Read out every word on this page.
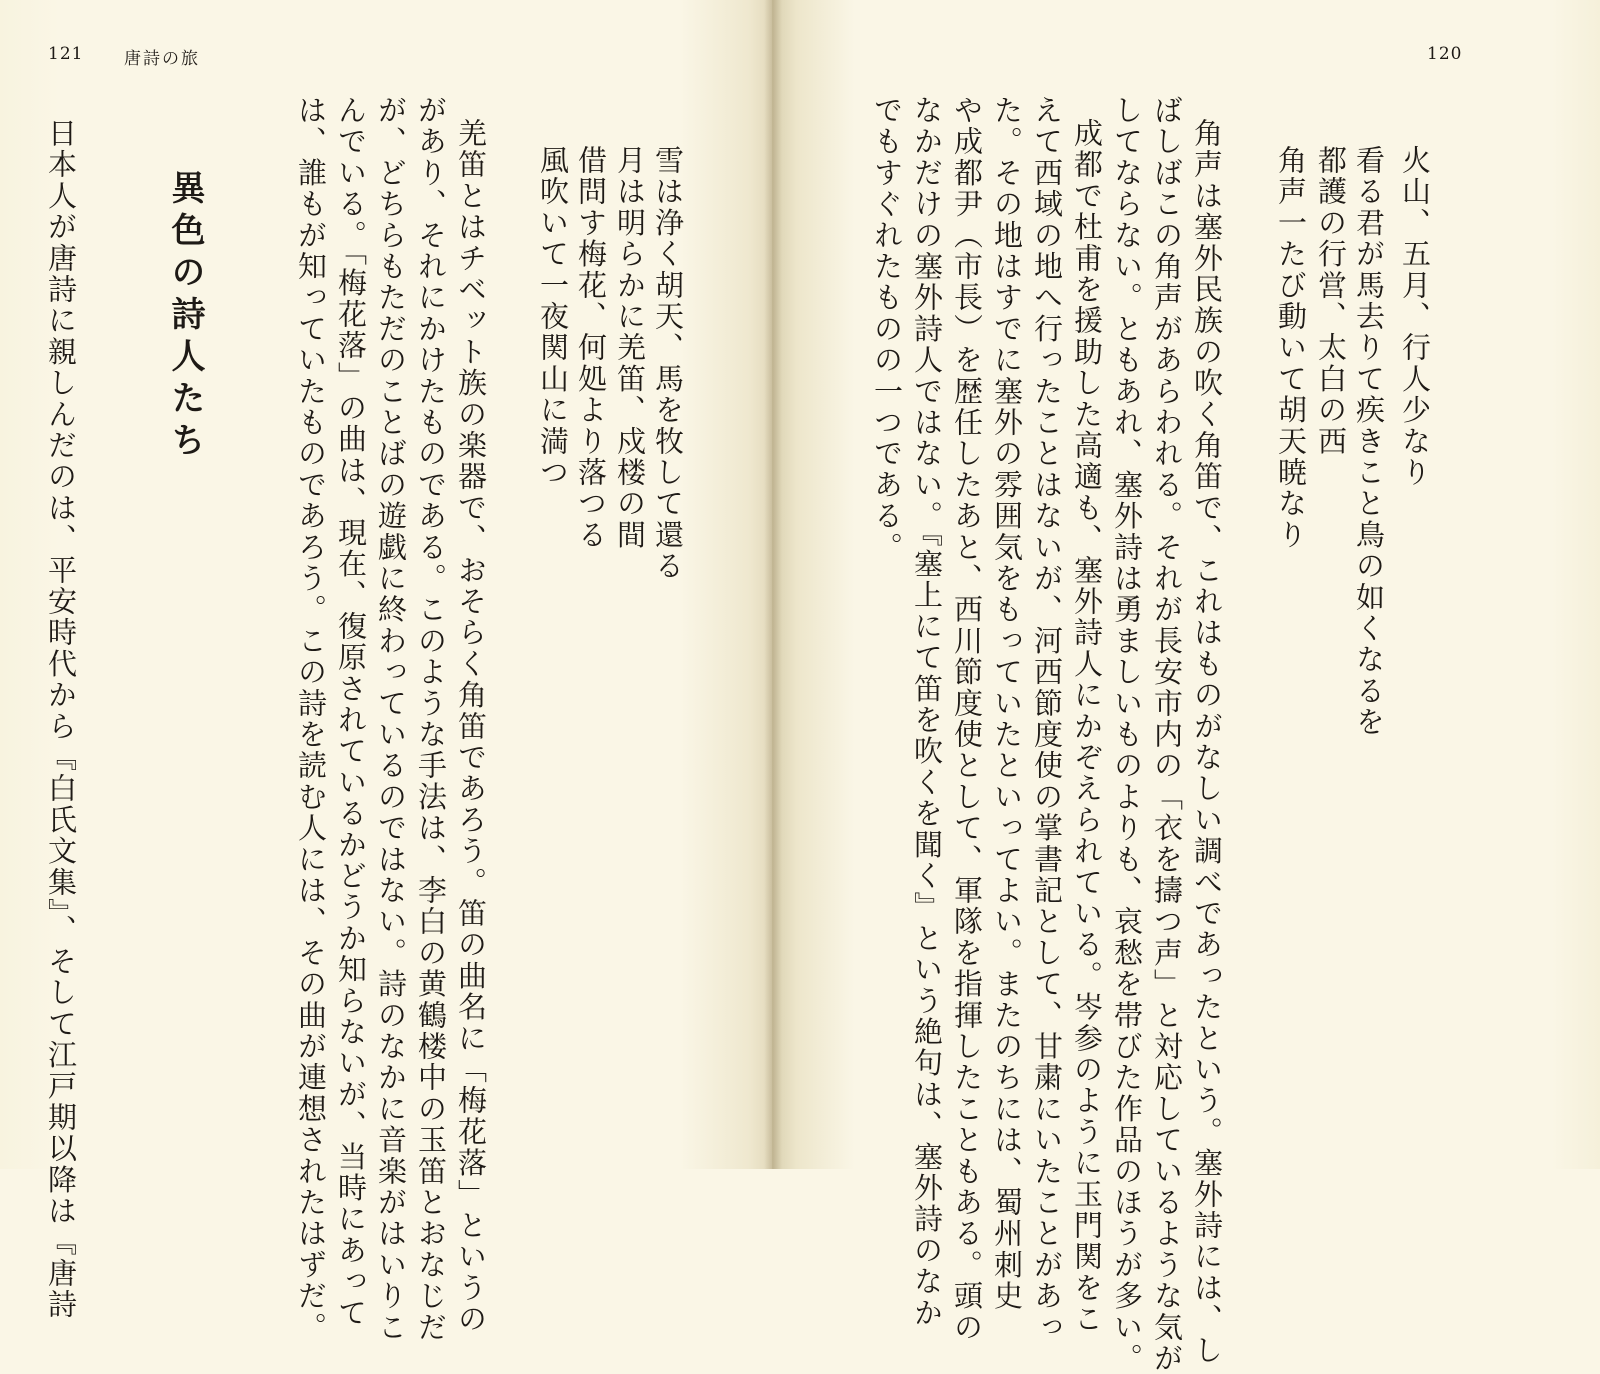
121 唐詩の旅
雪は浄く胡天、馬を牧して還る
月は明らかに羌笛、戍楼の間
借問す梅花、何処より落つる
風吹いて一夜関山に満つ
羌笛とはチベット族の楽器で、おそらく角笛であろう。笛の曲名に「梅花落」というの
があり、それにかけたものである。このような手法は、李白の黄鶴楼中の玉笛とおなじだ
が、どちらもただのことばの遊戯に終わっているのではない。詩のなかに音楽がはいりこ
んでいる。「梅花落」の曲は、現在、復原されているかどうか知らないが、当時にあって
は、誰もが知っていたものであろう。この詩を読む人には、その曲が連想されたはずだ。
異色の詩人たち
日本人が唐詩に親しんだのは、平安時代から『白氏文集』、そして江戸期以降は『唐詩
120
火山、五月、行人少なり
看る君が馬去りて疾きこと鳥の如くなるを
都護の行営、太白の西
角声一たび動いて胡天暁なり
角声は塞外民族の吹く角笛で、これはものがなしい調べであったという。塞外詩には、し
ばしばこの角声があらわれる。それが長安市内の「衣を擣つ声」と対応しているような気が
してならない。ともあれ、塞外詩は勇ましいものよりも、哀愁を帯びた作品のほうが多い。
成都で杜甫を援助した高適も、塞外詩人にかぞえられている。岑参のように玉門関をこ
えて西域の地へ行ったことはないが、河西節度使の掌書記として、甘粛にいたことがあっ
た。その地はすでに塞外の雰囲気をもっていたといってよい。またのちには、蜀州刺史
や成都尹（市長）を歴任したあと、西川節度使として、軍隊を指揮したこともある。頭の
なかだけの塞外詩人ではない。『塞上にて笛を吹くを聞く』という絶句は、塞外詩のなか
でもすぐれたものの一つである。
